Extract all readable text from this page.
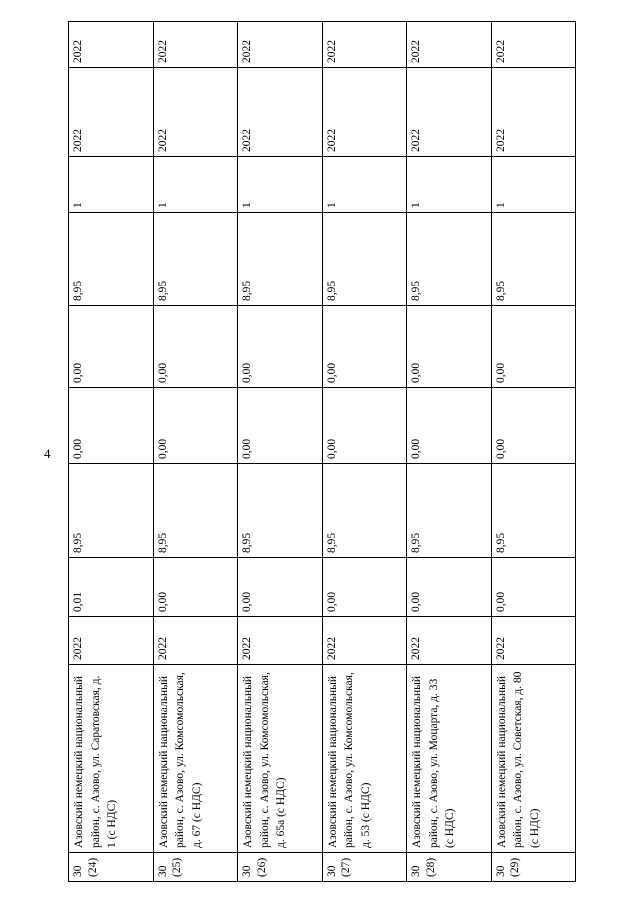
4
30 (24)	Азовский немецкий национальный район, с. Азово, ул. Саратовская, д. 1 (с НДС)	2022	0,01	8,95	0,00	0,00	8,95	1	2022	2022

30 (25)	Азовский немецкий национальный район, с. Азово, ул. Комсомольская, д. 67 (с НДС)	2022	0,00	8,95	0,00	0,00	8,95	1	2022	2022

30 (26)	Азовский немецкий национальный район, с. Азово, ул. Комсомольская, д. 65а (с НДС)	2022	0,00	8,95	0,00	0,00	8,95	1	2022	2022

30 (27)	Азовский немецкий национальный район, с. Азово, ул. Комсомольская, д. 53 (с НДС)	2022	0,00	8,95	0,00	0,00	8,95	1	2022	2022

30 (28)	Азовский немецкий национальный район, с. Азово, ул. Моцарта, д. 33 (с НДС)	2022	0,00	8,95	0,00	0,00	8,95	1	2022	2022

30 (29)	Азовский немецкий национальный район, с. Азово, ул. Советская, д. 80 (с НДС)	2022	0,00	8,95	0,00	0,00	8,95	1	2022	2022
